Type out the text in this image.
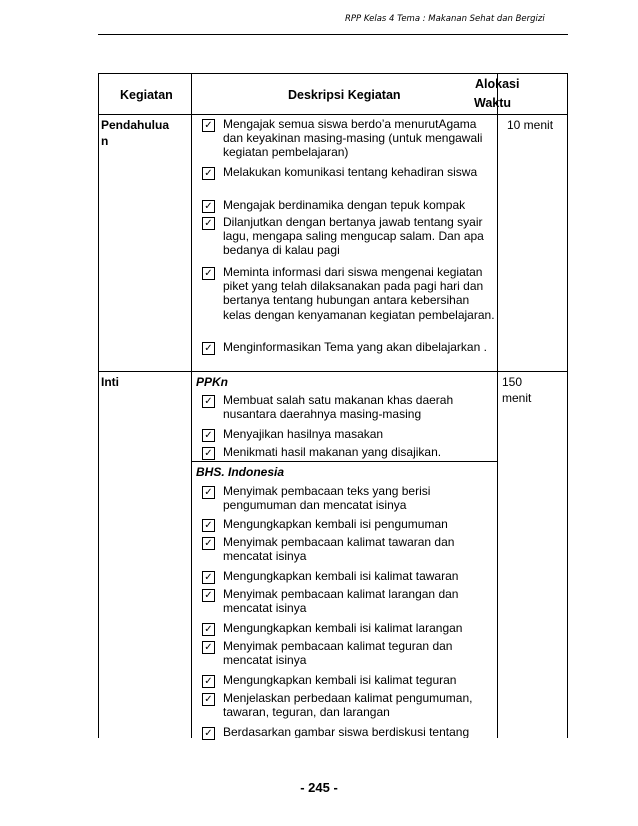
RPP Kelas 4 Tema : Makanan Sehat dan Bergizi
Kegiatan	Deskripsi Kegiatan
Alokasi
Waktu
Pendahulua
n
10 menit
✓ Mengajak semua siswa berdo’a menurutAgama dan keyakinan masing-masing (untuk mengawali kegiatan pembelajaran)
✓ Melakukan komunikasi tentang kehadiran siswa
✓ Mengajak berdinamika dengan tepuk kompak
✓ Dilanjutkan dengan bertanya jawab tentang syair lagu, mengapa saling mengucap salam. Dan apa bedanya di kalau pagi
✓ Meminta informasi dari siswa mengenai kegiatan piket yang telah dilaksanakan pada pagi hari dan bertanya tentang hubungan antara kebersihan kelas dengan kenyamanan kegiatan pembelajaran.
✓ Menginformasikan Tema yang akan dibelajarkan .
Inti	150
menit
PPKn
✓ Membuat salah satu makanan khas daerah nusantara daerahnya masing-masing
✓ Menyajikan hasilnya masakan
✓ Menikmati hasil makanan yang disajikan.
BHS. Indonesia
✓ Menyimak pembacaan teks yang berisi pengumuman dan mencatat isinya
✓ Mengungkapkan kembali isi pengumuman
✓ Menyimak pembacaan kalimat tawaran dan mencatat isinya
✓ Mengungkapkan kembali isi kalimat tawaran
✓ Menyimak pembacaan kalimat larangan dan mencatat isinya
✓ Mengungkapkan kembali isi kalimat larangan
✓ Menyimak pembacaan kalimat teguran dan mencatat isinya
✓ Mengungkapkan kembali isi kalimat teguran
✓ Menjelaskan perbedaan kalimat pengumuman, tawaran, teguran, dan larangan
✓ Berdasarkan gambar siswa berdiskusi tentang
- 245 -
